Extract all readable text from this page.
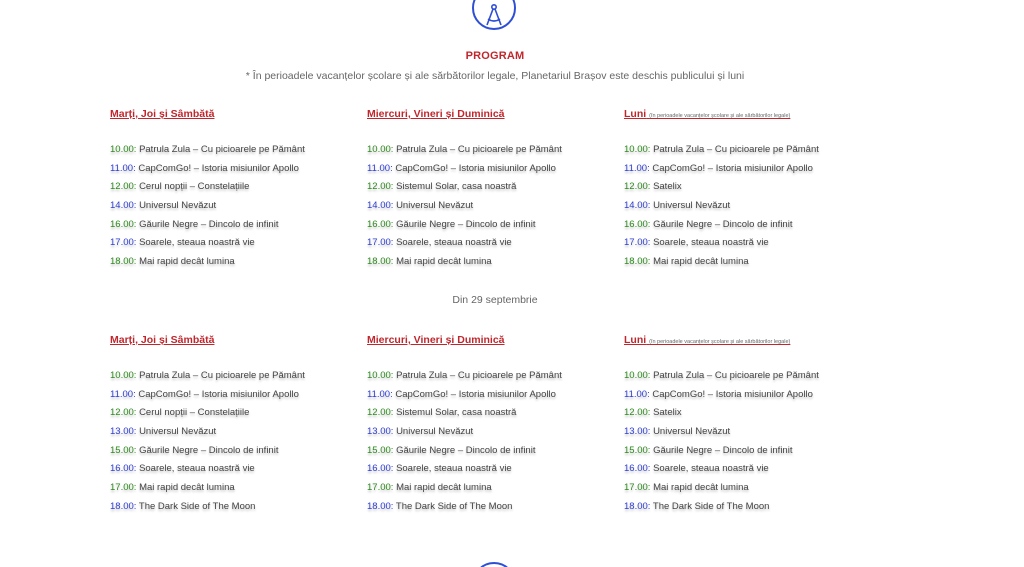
PROGRAM
* În perioadele vacanțelor școlare și ale sărbătorilor legale, Planetariul Brașov este deschis publicului și luni
Marți, Joi și Sâmbătă
10.00: Patrula Zula – Cu picioarele pe Pământ
11.00: CapComGo! – Istoria misiunilor Apollo
12.00: Cerul nopții – Constelațiile
14.00: Universul Nevăzut
16.00: Găurile Negre – Dincolo de infinit
17.00: Soarele, steaua noastră vie
18.00: Mai rapid decât lumina
Miercuri, Vineri și Duminică
10.00: Patrula Zula – Cu picioarele pe Pământ
11.00: CapComGo! – Istoria misiunilor Apollo
12.00: Sistemul Solar, casa noastră
14.00: Universul Nevăzut
16.00: Găurile Negre – Dincolo de infinit
17.00: Soarele, steaua noastră vie
18.00: Mai rapid decât lumina
Luni (în perioadele vacanțelor școlare și ale sărbătorilor legale)
10.00: Patrula Zula – Cu picioarele pe Pământ
11.00: CapComGo! – Istoria misiunilor Apollo
12.00: Satelix
14.00: Universul Nevăzut
16.00: Găurile Negre – Dincolo de infinit
17.00: Soarele, steaua noastră vie
18.00: Mai rapid decât lumina
Din 29 septembrie
Marți, Joi și Sâmbătă
10.00: Patrula Zula – Cu picioarele pe Pământ
11.00: CapComGo! – Istoria misiunilor Apollo
12.00: Cerul nopții – Constelațiile
13.00: Universul Nevăzut
15.00: Găurile Negre – Dincolo de infinit
16.00: Soarele, steaua noastră vie
17.00: Mai rapid decât lumina
18.00: The Dark Side of The Moon
Miercuri, Vineri și Duminică
10.00: Patrula Zula – Cu picioarele pe Pământ
11.00: CapComGo! – Istoria misiunilor Apollo
12.00: Sistemul Solar, casa noastră
13.00: Universul Nevăzut
15.00: Găurile Negre – Dincolo de infinit
16.00: Soarele, steaua noastră vie
17.00: Mai rapid decât lumina
18.00: The Dark Side of The Moon
Luni (în perioadele vacanțelor școlare și ale sărbătorilor legale)
10.00: Patrula Zula – Cu picioarele pe Pământ
11.00: CapComGo! – Istoria misiunilor Apollo
12.00: Satelix
13.00: Universul Nevăzut
15.00: Găurile Negre – Dincolo de infinit
16.00: Soarele, steaua noastră vie
17.00: Mai rapid decât lumina
18.00: The Dark Side of The Moon
